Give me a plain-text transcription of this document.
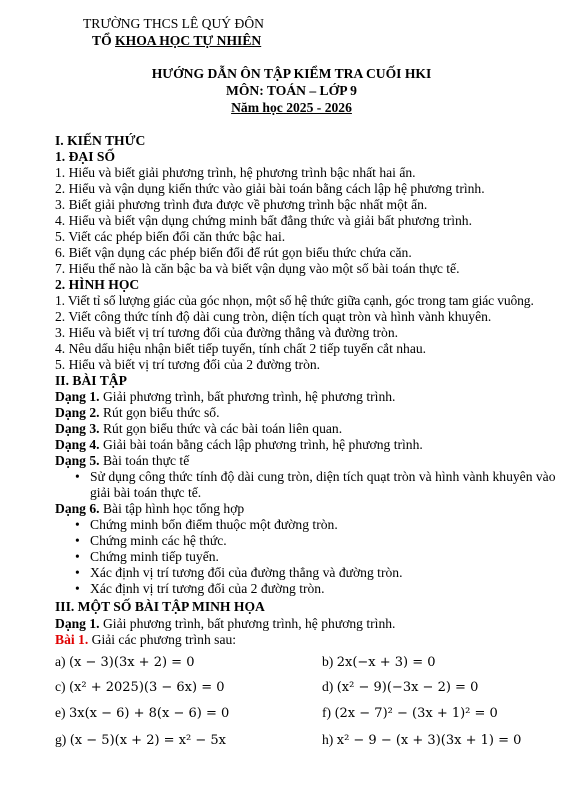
TRƯỜNG THCS LÊ QUÝ ĐÔN
TỔ KHOA HỌC TỰ NHIÊN
HƯỚNG DẪN ÔN TẬP KIỂM TRA CUỐI HKI
MÔN: TOÁN – LỚP 9
Năm học 2025 - 2026
I. KIẾN THỨC
1. ĐẠI SỐ
1. Hiểu và biết giải phương trình, hệ phương trình bậc nhất hai ẩn.
2. Hiểu và vận dụng kiến thức vào giải bài toán bằng cách lập hệ phương trình.
3. Biết giải phương trình đưa được về phương trình bậc nhất một ẩn.
4. Hiểu và biết vận dụng chứng minh bất đẳng thức và giải bất phương trình.
5. Viết các phép biến đổi căn thức bậc hai.
6. Biết vận dụng các phép biến đổi để rút gọn biểu thức chứa căn.
7. Hiểu thế nào là căn bậc ba và biết vận dụng vào một số bài toán thực tế.
2. HÌNH HỌC
1. Viết tỉ số lượng giác của góc nhọn, một số hệ thức giữa cạnh, góc trong tam giác vuông.
2. Viết công thức tính độ dài cung tròn, diện tích quạt tròn và hình vành khuyên.
3. Hiểu và biết vị trí tương đối của đường thẳng và đường tròn.
4. Nêu dấu hiệu nhận biết tiếp tuyến, tính chất 2 tiếp tuyến cắt nhau.
5. Hiểu và biết vị trí tương đối của 2 đường tròn.
II. BÀI TẬP
Dạng 1. Giải phương trình, bất phương trình, hệ phương trình.
Dạng 2. Rút gọn biểu thức số.
Dạng 3. Rút gọn biểu thức và các bài toán liên quan.
Dạng 4. Giải bài toán bằng cách lập phương trình, hệ phương trình.
Dạng 5. Bài toán thực tế
• Sử dụng công thức tính độ dài cung tròn, diện tích quạt tròn và hình vành khuyên vào giải bài toán thực tế.
Dạng 6. Bài tập hình học tổng hợp
• Chứng minh bốn điểm thuộc một đường tròn.
• Chứng minh các hệ thức.
• Chứng minh tiếp tuyến.
• Xác định vị trí tương đối của đường thẳng và đường tròn.
• Xác định vị trí tương đối của 2 đường tròn.
III. MỘT SỐ BÀI TẬP MINH HỌA
Dạng 1. Giải phương trình, bất phương trình, hệ phương trình.
Bài 1. Giải các phương trình sau:
a) (x − 3)(3x + 2) = 0	b) 2x(−x + 3) = 0
c) (x² + 2025)(3 − 6x) = 0	d) (x² − 9)(−3x − 2) = 0
e) 3x(x − 6) + 8(x − 6) = 0	f) (2x − 7)² − (3x + 1)² = 0
g) (x − 5)(x + 2) = x² − 5x	h) x² − 9 − (x + 3)(3x + 1) = 0
